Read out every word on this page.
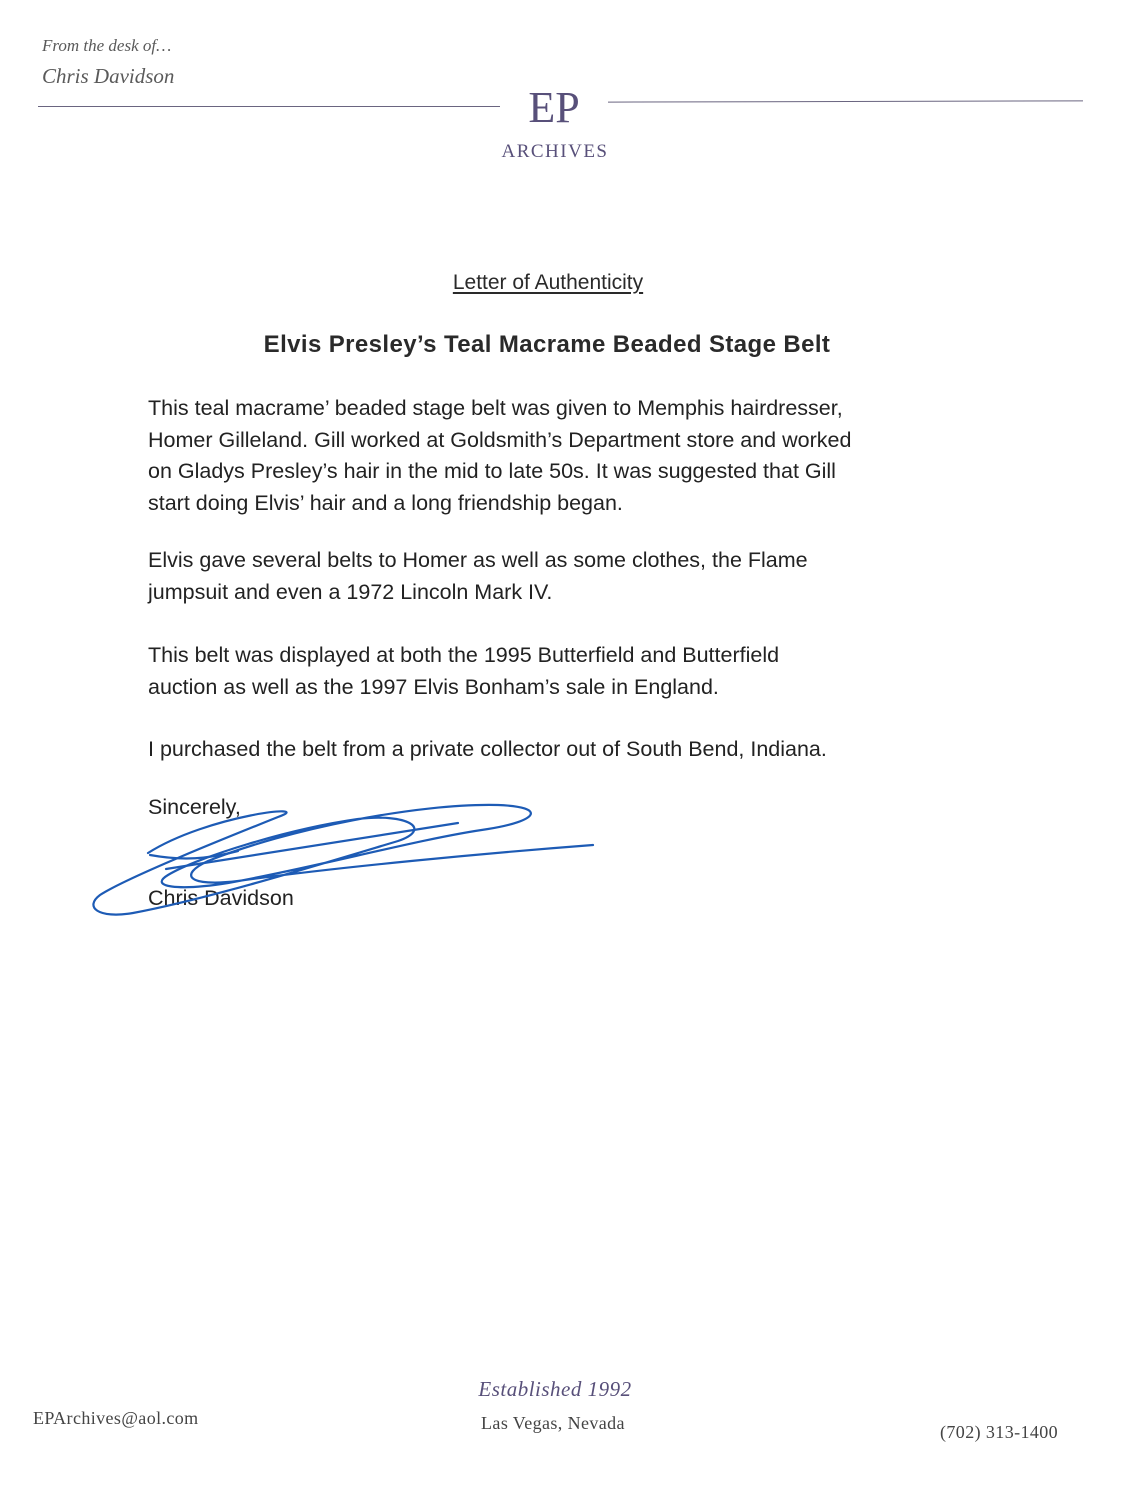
From the desk of…
Chris Davidson
EP
ARCHIVES
Letter of Authenticity
Elvis Presley’s Teal Macrame Beaded Stage Belt

This teal macrame’ beaded stage belt was given to Memphis hairdresser,
Homer Gilleland. Gill worked at Goldsmith’s Department store and worked
on Gladys Presley’s hair in the mid to late 50s. It was suggested that Gill
start doing Elvis’ hair and a long friendship began.

Elvis gave several belts to Homer as well as some clothes, the Flame
jumpsuit and even a 1972 Lincoln Mark IV.

This belt was displayed at both the 1995 Butterfield and Butterfield
auction as well as the 1997 Elvis Bonham’s sale in England.

I purchased the belt from a private collector out of South Bend, Indiana.

Sincerely,
Chris Davidson
Established 1992
Las Vegas, Nevada
EPArchives@aol.com
(702) 313-1400
